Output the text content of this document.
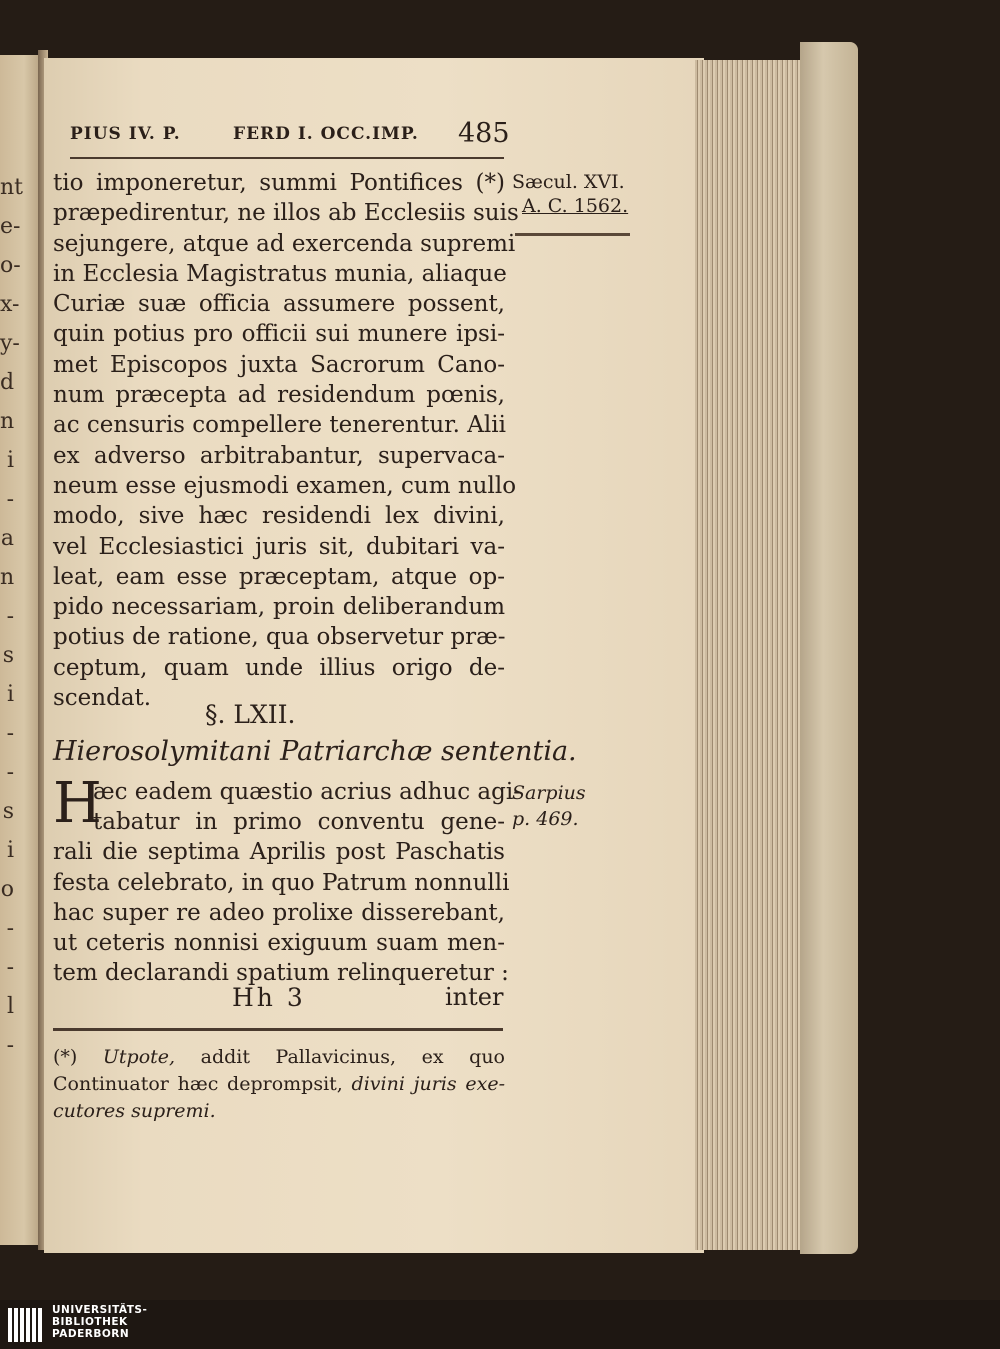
nt
e-
o-
x-
y-
d
n
i
-
a
n
-
s
i
-
-
s
i
o
-
-
l
-
PIUS IV. P.	FERD I. OCC.IMP. 485
Sæcul. XVI.
A. C. 1562.
tio imponeretur, summi Pontifices (*)
præpedirentur, ne illos ab Ecclesiis suis
sejungere, atque ad exercenda supremi
in Ecclesia Magistratus munia, aliaque
Curiæ suæ officia assumere possent,
quin potius pro officii sui munere ipsi-
met Episcopos juxta Sacrorum Cano-
num præcepta ad residendum pœnis,
ac censuris compellere tenerentur. Alii
ex adverso arbitrabantur, supervaca-
neum esse ejusmodi examen, cum nullo
modo, sive hæc residendi lex divini,
vel Ecclesiastici juris sit, dubitari va-
leat, eam esse præceptam, atque op-
pido necessariam, proin deliberandum
potius de ratione, qua observetur præ-
ceptum, quam unde illius origo de-
scendat.
§. LXII.
Hierosolymitani Patriarchæ sententia.
H
æc eadem quæstio acrius adhuc agi-
tabatur in primo conventu gene-
rali die septima Aprilis post Paschatis
festa celebrato, in quo Patrum nonnulli
hac super re adeo prolixe disserebant,
ut ceteris nonnisi exiguum suam men-
tem declarandi spatium relinqueretur :
Sarpius
p. 469.
Hh 3	inter
(*) Utpote, addit Pallavicinus, ex quo
Continuator hæc deprompsit, divini juris exe-
cutores supremi.
UNIVERSITÄTS-
BIBLIOTHEK
PADERBORN
